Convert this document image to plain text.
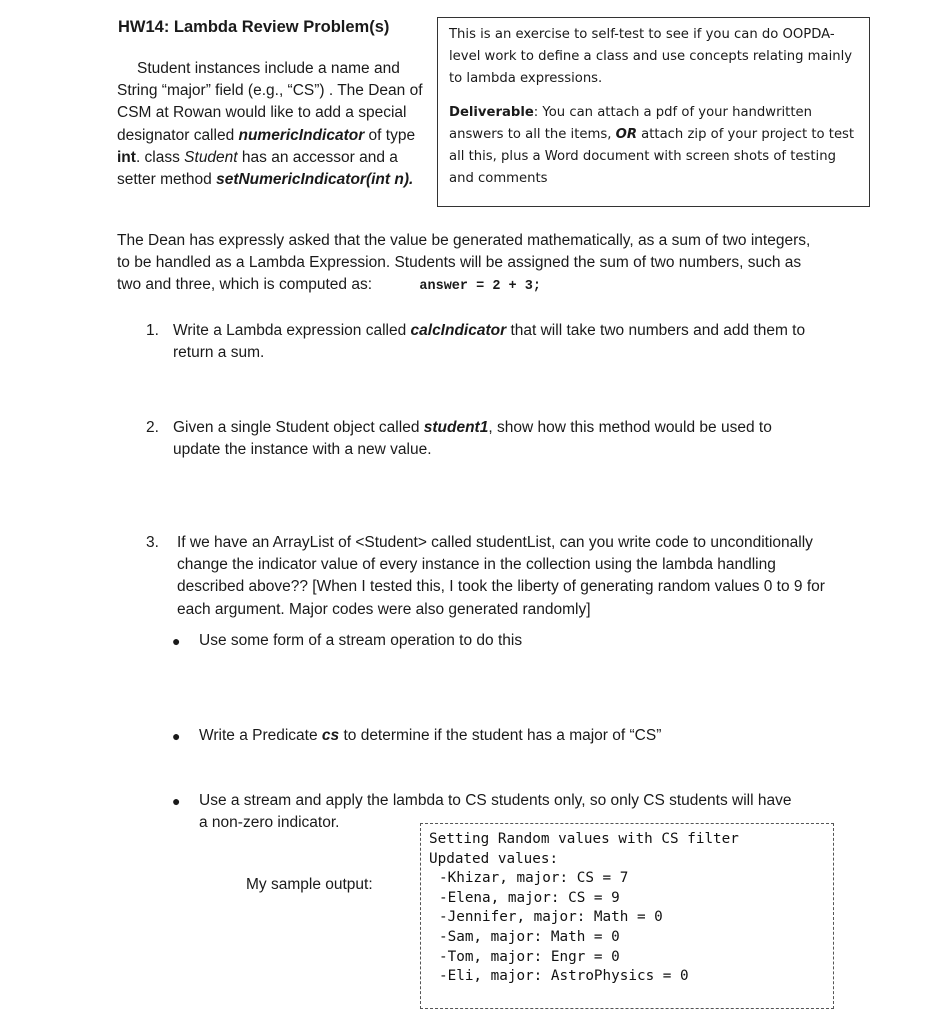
HW14: Lambda Review Problem(s)

Student instances include a name and String “major” field (e.g., “CS”) . The Dean of CSM at Rowan would like to add a special designator called numericIndicator of type int. class Student has an accessor and a setter method setNumericIndicator(int n).

This is an exercise to self-test to see if you can do OOPDA-level work to define a class and use concepts relating mainly to lambda expressions.

Deliverable: You can attach a pdf of your handwritten answers to all the items, OR attach zip of your project to test all this, plus a Word document with screen shots of testing and comments

The Dean has expressly asked that the value be generated mathematically, as a sum of two integers, to be handled as a Lambda Expression. Students will be assigned the sum of two numbers, such as two and three, which is computed as:	answer = 2 + 3;
1. Write a Lambda expression called calcIndicator that will take two numbers and add them to return a sum.
2. Given a single Student object called student1, show how this method would be used to update the instance with a new value.
3. If we have an ArrayList of <Student> called studentList, can you write code to unconditionally change the indicator value of every instance in the collection using the lambda handling described above?? [When I tested this, I took the liberty of generating random values 0 to 9 for each argument. Major codes were also generated randomly]
● Use some form of a stream operation to do this
● Write a Predicate cs to determine if the student has a major of “CS”
● Use a stream and apply the lambda to CS students only, so only CS students will have a non-zero indicator.
My sample output:
Setting Random values with CS filter
Updated values:
-Khizar, major: CS = 7
-Elena, major: CS = 9
-Jennifer, major: Math = 0
-Sam, major: Math = 0
-Tom, major: Engr = 0
-Eli, major: AstroPhysics = 0
